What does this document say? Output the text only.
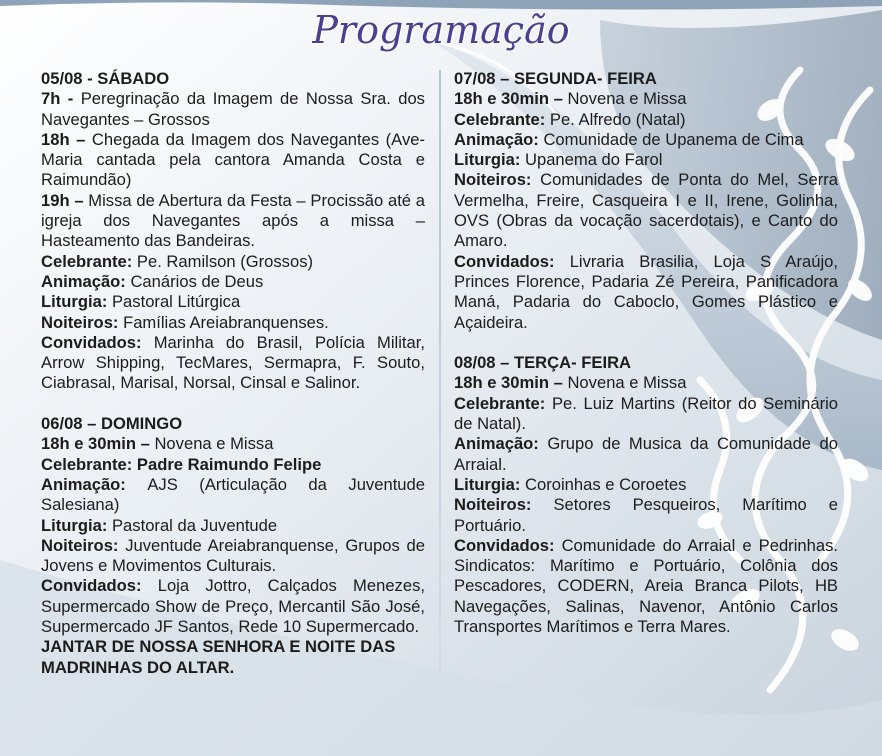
Programação
05/08 - SÁBADO
7h - Peregrinação da Imagem de Nossa Sra. dos Navegantes – Grossos
18h – Chegada da Imagem dos Navegantes (Ave-Maria cantada pela cantora Amanda Costa e Raimundão)
19h – Missa de Abertura da Festa – Procissão até a igreja dos Navegantes após a missa – Hasteamento das Bandeiras.
Celebrante: Pe. Ramilson (Grossos)
Animação: Canários de Deus
Liturgia: Pastoral Litúrgica
Noiteiros: Famílias Areiabranquenses.
Convidados: Marinha do Brasil, Polícia Militar, Arrow Shipping, TecMares, Sermapra, F. Souto, Ciabrasal, Marisal, Norsal, Cinsal e Salinor.
06/08 – DOMINGO
18h e 30min – Novena e Missa
Celebrante: Padre Raimundo Felipe
Animação: AJS (Articulação da Juventude Salesiana)
Liturgia: Pastoral da Juventude
Noiteiros: Juventude Areiabranquense, Grupos de Jovens e Movimentos Culturais.
Convidados: Loja Jottro, Calçados Menezes, Supermercado Show de Preço, Mercantil São José, Supermercado JF Santos, Rede 10 Supermercado.
JANTAR DE NOSSA SENHORA E NOITE DAS MADRINHAS DO ALTAR.
07/08 – SEGUNDA- FEIRA
18h e 30min – Novena e Missa
Celebrante: Pe. Alfredo (Natal)
Animação: Comunidade de Upanema de Cima
Liturgia: Upanema do Farol
Noiteiros: Comunidades de Ponta do Mel, Serra Vermelha, Freire, Casqueira I e II, Irene, Golinha, OVS (Obras da vocação sacerdotais), e Canto do Amaro.
Convidados: Livraria Brasilia, Loja S Araújo, Princes Florence, Padaria Zé Pereira, Panificadora Maná, Padaria do Caboclo, Gomes Plástico e Açaideira.
08/08 – TERÇA- FEIRA
18h e 30min – Novena e Missa
Celebrante: Pe. Luiz Martins (Reitor do Seminário de Natal).
Animação: Grupo de Musica da Comunidade do Arraial.
Liturgia: Coroinhas e Coroetes
Noiteiros: Setores Pesqueiros, Marítimo e Portuário.
Convidados: Comunidade do Arraial e Pedrinhas. Sindicatos: Marítimo e Portuário, Colônia dos Pescadores, CODERN, Areia Branca Pilots, HB Navegações, Salinas, Navenor, Antônio Carlos Transportes Marítimos e Terra Mares.
